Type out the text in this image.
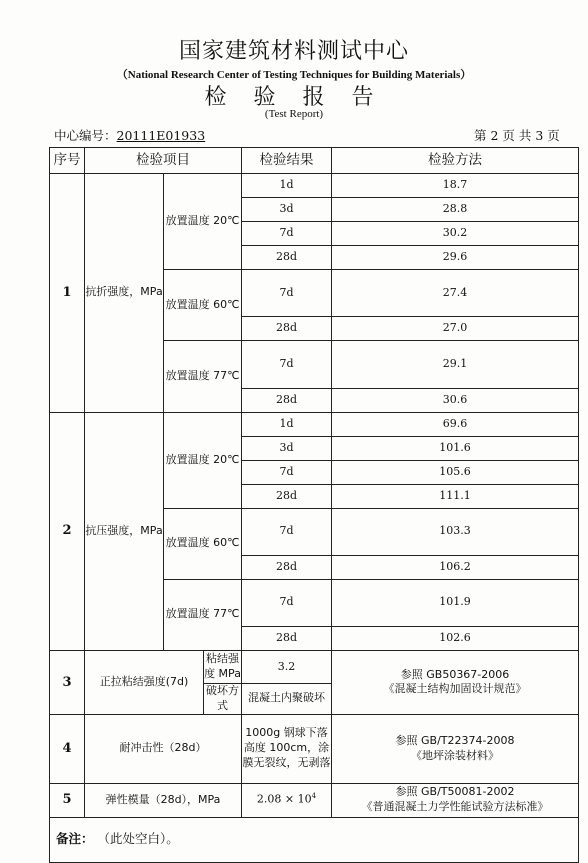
国家建筑材料测试中心
（National Research Center of Testing Techniques for Building Materials）
检 验 报 告
(Test Report)
中心编号：20111E01933	第 2 页 共 3 页
序号	检验项目			检验结果	检验方法	
1	抗折强度，MPa	放置温度 20℃		1d	18.7	

				3d	28.8	
				7d	30.2	
				28d	29.6	
		放置温度 60℃		7d	27.4	
				28d	27.0	
		放置温度 77℃		7d	29.1	
				28d	30.6	
2	抗压强度，MPa	放置温度 20℃		1d	69.6	

				3d	101.6	
				7d	105.6	
				28d	111.1	
		放置温度 60℃		7d	103.3	
				28d	106.2	
		放置温度 77℃		7d	101.9	
				28d	102.6	
3	正拉粘结强度(7d)		粘结强度 MPa	3.2	参照 GB50367-2006
《混凝土结构加固设计规范》	
			破坏方式	混凝土内聚破坏		
4	耐冲击性（28d）			1000g 钢球下落高度 100cm，涂膜无裂纹，无剥落	参照 GB/T22374-2008
《地坪涂装材料》	
5	弹性模量（28d），MPa			$2.08 \times 10^4$	参照 GB/T50081-2002
《普通混凝土力学性能试验方法标准》	
备注： （此处空白）。						
